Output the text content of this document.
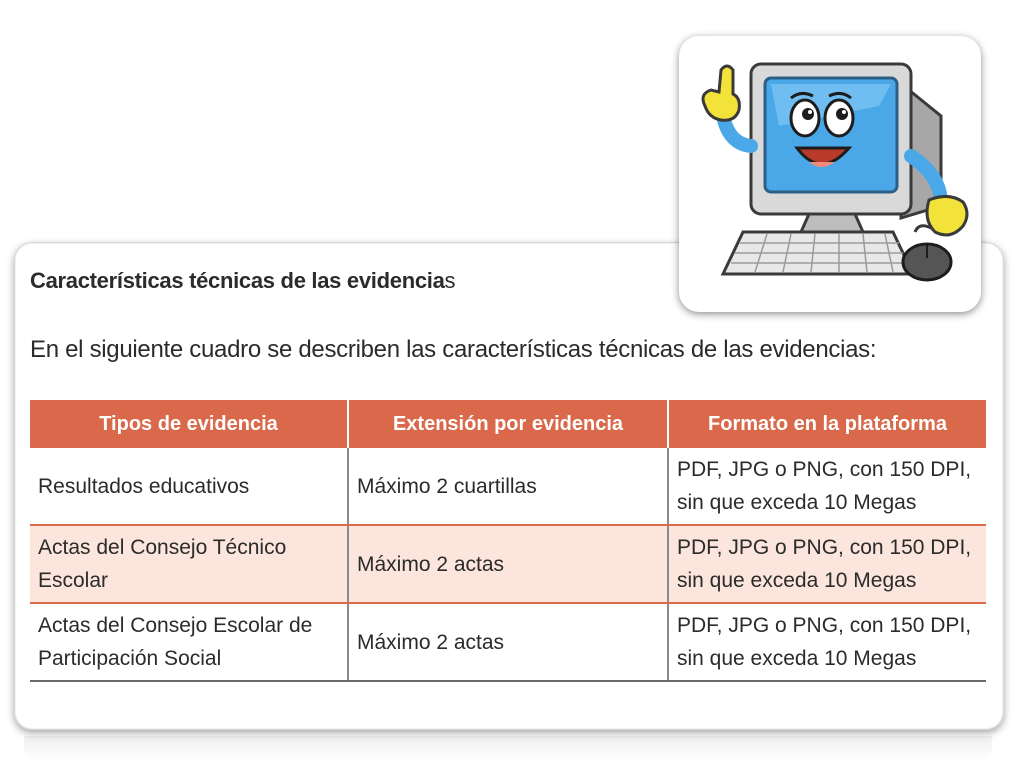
Características técnicas de las evidencias
En el siguiente cuadro se describen las características técnicas de las evidencias:
Tipos de evidencia	Extensión por evidencia	Formato en la plataforma
Resultados educativos	Máximo 2 cuartillas	PDF, JPG o PNG, con 150 DPI, sin que exceda 10 Megas
Actas del Consejo Técnico Escolar	Máximo 2 actas	PDF, JPG o PNG, con 150 DPI, sin que exceda 10 Megas
Actas del Consejo Escolar de Participación Social	Máximo 2 actas	PDF, JPG o PNG, con 150 DPI, sin que exceda 10 Megas
